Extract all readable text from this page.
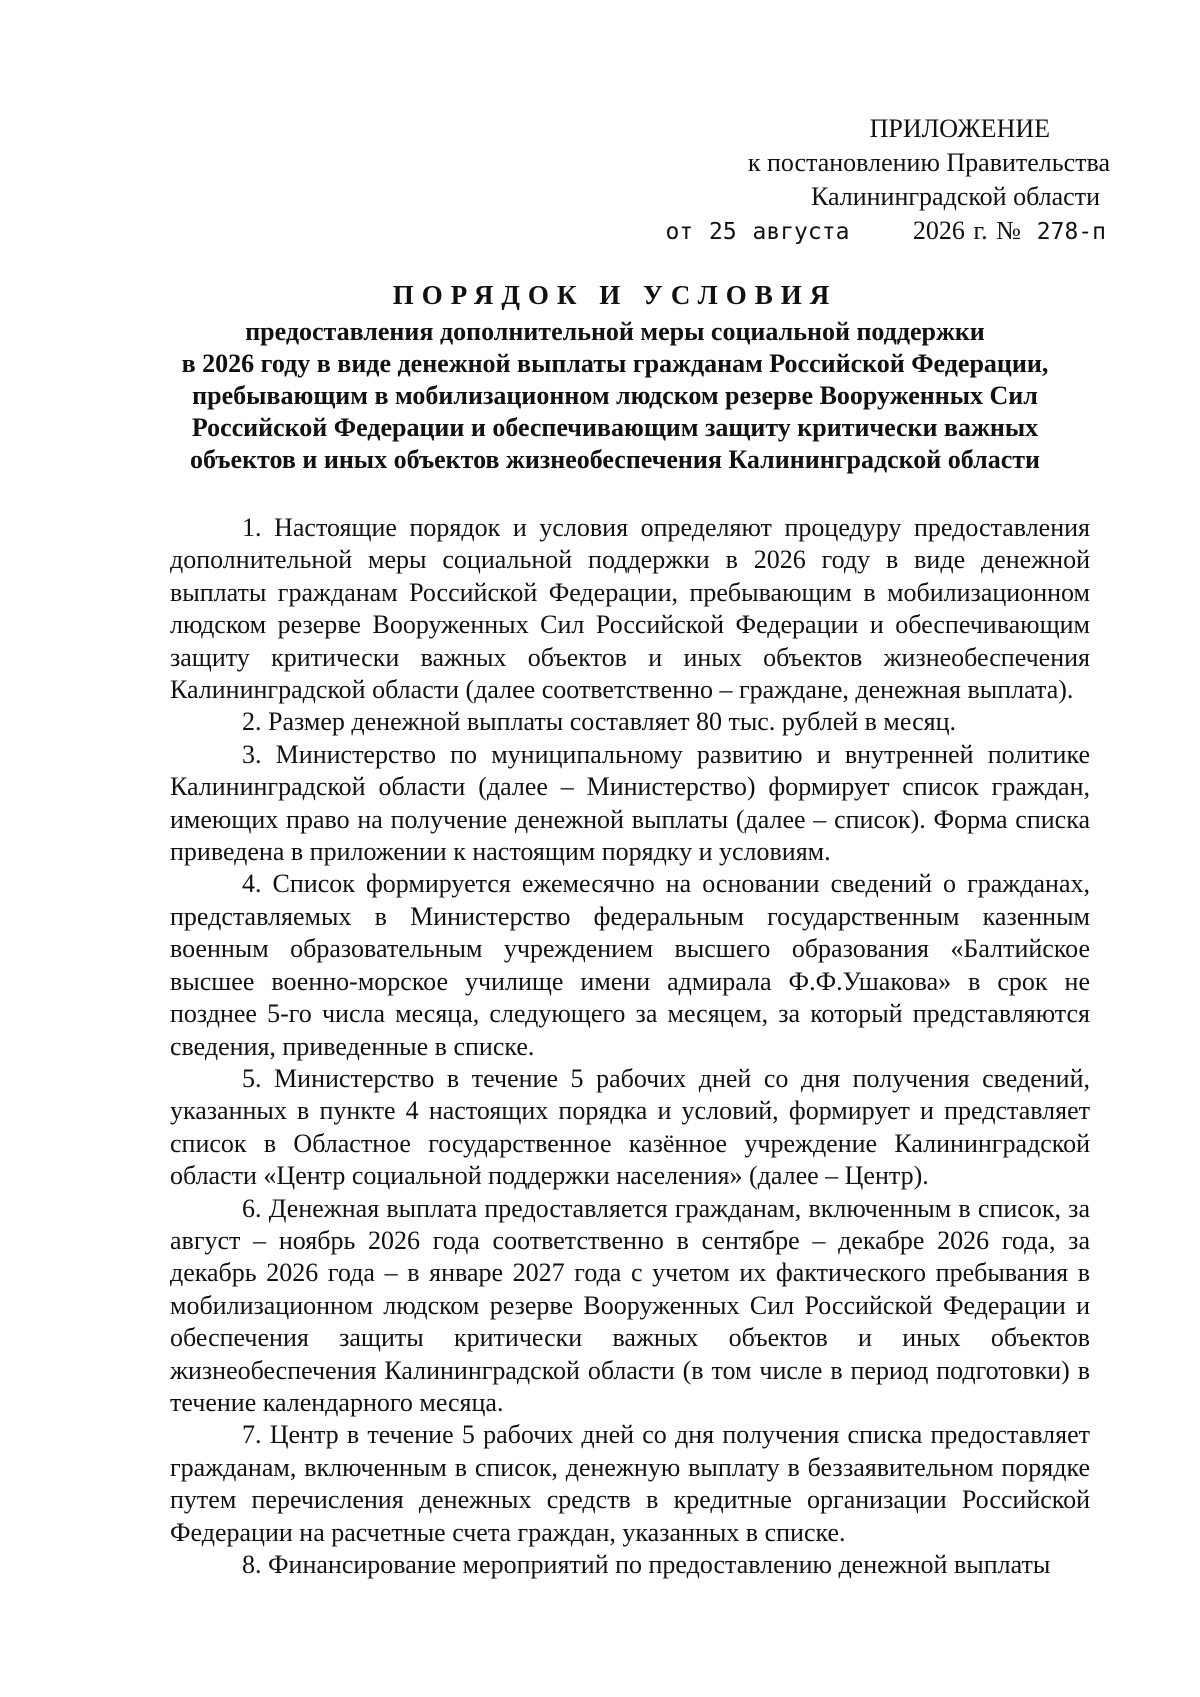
ПРИЛОЖЕНИЕ
к постановлению Правительства
Калининградской области
от 25 августа 2026 г. № 278-п
ПОРЯДОК И УСЛОВИЯ
предоставления дополнительной меры социальной поддержки
в 2026 году в виде денежной выплаты гражданам Российской Федерации,
пребывающим в мобилизационном людском резерве Вооруженных Сил
Российской Федерации и обеспечивающим защиту критически важных
объектов и иных объектов жизнеобеспечения Калининградской области

1. Настоящие порядок и условия определяют процедуру предоставления дополнительной меры социальной поддержки в 2026 году в виде денежной выплаты гражданам Российской Федерации, пребывающим в мобилизационном людском резерве Вооруженных Сил Российской Федерации и обеспечивающим защиту критически важных объектов и иных объектов жизнеобеспечения Калининградской области (далее соответственно – граждане, денежная выплата).

2. Размер денежной выплаты составляет 80 тыс. рублей в месяц.

3. Министерство по муниципальному развитию и внутренней политике Калининградской области (далее – Министерство) формирует список граждан, имеющих право на получение денежной выплаты (далее – список). Форма списка приведена в приложении к настоящим порядку и условиям.

4. Список формируется ежемесячно на основании сведений о гражданах, представляемых в Министерство федеральным государственным казенным военным образовательным учреждением высшего образования «Балтийское высшее военно-морское училище имени адмирала Ф.Ф.Ушакова» в срок не позднее 5-го числа месяца, следующего за месяцем, за который представляются сведения, приведенные в списке.

5. Министерство в течение 5 рабочих дней со дня получения сведений, указанных в пункте 4 настоящих порядка и условий, формирует и представляет список в Областное государственное казённое учреждение Калининградской области «Центр социальной поддержки населения» (далее – Центр).

6. Денежная выплата предоставляется гражданам, включенным в список, за август – ноябрь 2026 года соответственно в сентябре – декабре 2026 года, за декабрь 2026 года – в январе 2027 года с учетом их фактического пребывания в мобилизационном людском резерве Вооруженных Сил Российской Федерации и обеспечения защиты критически важных объектов и иных объектов жизнеобеспечения Калининградской области (в том числе в период подготовки) в течение календарного месяца.

7. Центр в течение 5 рабочих дней со дня получения списка предоставляет гражданам, включенным в список, денежную выплату в беззаявительном порядке путем перечисления денежных средств в кредитные организации Российской Федерации на расчетные счета граждан, указанных в списке.

8. Финансирование мероприятий по предоставлению денежной выплаты
